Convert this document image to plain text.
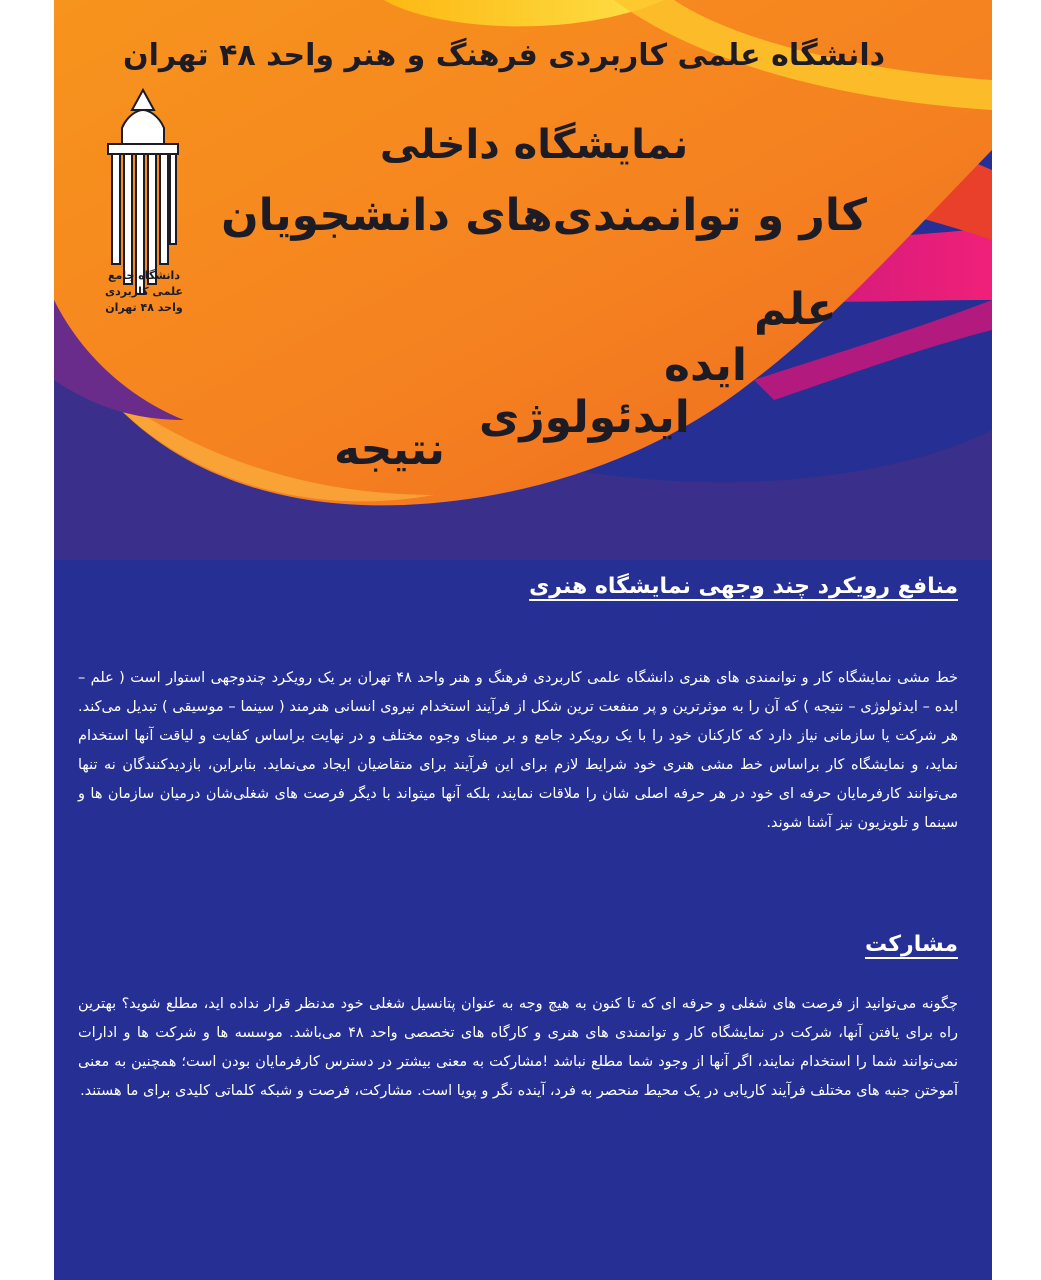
دانشگاه علمی کاربردی فرهنگ و هنر واحد ۴۸ تهران
نمایشگاه داخلی
کار و توانمندی‌های دانشجویان
دانشگاه جامع
علمی کاربردی
واحد ۴۸ تهران	علم
ایده
ایدئولوژی
نتیجه

منافع رویکرد چند وجهی نمایشگاه هنری

خط مشی نمایشگاه کار و توانمندی های هنری دانشگاه علمی کاربردی فرهنگ و هنر واحد ۴۸ تهران بر یک رویکرد چندوجهی استوار است ( علم – ایده – ایدئولوژی – نتیجه ) که آن را به موثرترین و پر منفعت ترین شکل از فرآیند استخدام نیروی انسانی هنرمند ( سینما – موسیقی ) تبدیل می‌کند. هر شرکت یا سازمانی نیاز دارد که کارکنان خود را با یک رویکرد جامع و بر مبنای وجوه مختلف و در نهایت براساس کفایت و لیاقت آنها استخدام نماید، و نمایشگاه کار براساس خط مشی هنری خود شرایط لازم برای این فرآیند برای متقاضیان ایجاد می‌نماید. بنابراین، بازدیدکنندگان نه تنها می‌توانند کارفرمایان حرفه ای خود در هر حرفه اصلی شان را ملاقات نمایند، بلکه آنها میتواند با دیگر فرصت های شغلی‌شان درمیان سازمان ها و سینما و تلویزیون نیز آشنا شوند.

مشارکت

چگونه می‌توانید از فرصت های شغلی و حرفه ای که تا کنون به هیچ وجه به عنوان پتانسیل شغلی خود مدنظر قرار نداده اید، مطلع شوید؟ بهترین راه برای یافتن آنها، شرکت در نمایشگاه کار و توانمندی های هنری و کارگاه های تخصصی واحد ۴۸ می‌باشد. موسسه ها و شرکت ها و ادارات نمی‌توانند شما را استخدام نمایند، اگر آنها از وجود شما مطلع نباشد !مشارکت به معنی بیشتر در دسترس کارفرمایان بودن است؛ همچنین به معنی آموختن جنبه های مختلف فرآیند کاریابی در یک محیط منحصر به فرد، آینده نگر و پویا است. مشارکت، فرصت و شبکه کلماتی کلیدی برای ما هستند.
